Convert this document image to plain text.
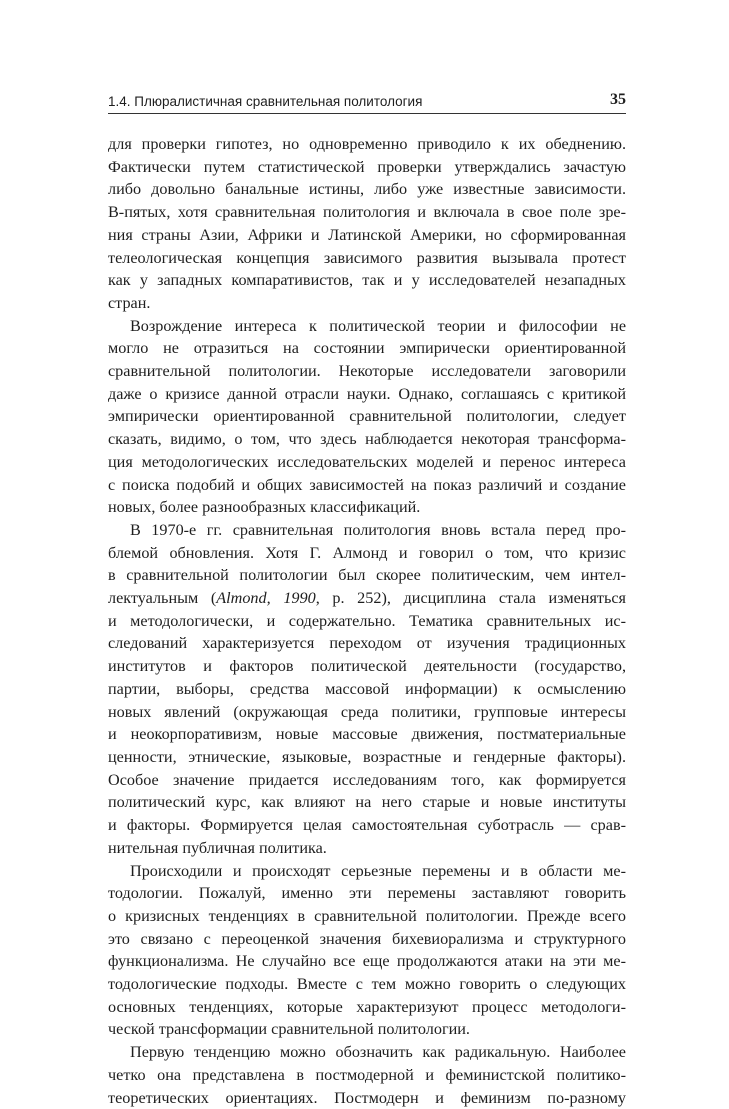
1.4. Плюралистичная сравнительная политология	35

для проверки гипотез, но одновременно приводило к их обеднению.
Фактически путем статистической проверки утверждались зачастую
либо довольно банальные истины, либо уже известные зависимости.
В-пятых, хотя сравнительная политология и включала в свое поле зре-
ния страны Азии, Африки и Латинской Америки, но сформированная
телеологическая концепция зависимого развития вызывала протест
как у западных компаративистов, так и у исследователей незападных
стран.

Возрождение интереса к политической теории и философии не
могло не отразиться на состоянии эмпирически ориентированной
сравнительной политологии. Некоторые исследователи заговорили
даже о кризисе данной отрасли науки. Однако, соглашаясь с критикой
эмпирически ориентированной сравнительной политологии, следует
сказать, видимо, о том, что здесь наблюдается некоторая трансформа-
ция методологических исследовательских моделей и перенос интереса
с поиска подобий и общих зависимостей на показ различий и создание
новых, более разнообразных классификаций.

В 1970-е гг. сравнительная политология вновь встала перед про-
блемой обновления. Хотя Г. Алмонд и говорил о том, что кризис
в сравнительной политологии был скорее политическим, чем интел-
лектуальным (Almond, 1990, p. 252), дисциплина стала изменяться
и методологически, и содержательно. Тематика сравнительных ис-
следований характеризуется переходом от изучения традиционных
институтов и факторов политической деятельности (государство,
партии, выборы, средства массовой информации) к осмыслению
новых явлений (окружающая среда политики, групповые интересы
и неокорпоративизм, новые массовые движения, постматериальные
ценности, этнические, языковые, возрастные и гендерные факторы).
Особое значение придается исследованиям того, как формируется
политический курс, как влияют на него старые и новые институты
и факторы. Формируется целая самостоятельная суботрасль — срав-
нительная публичная политика.

Происходили и происходят серьезные перемены и в области ме-
тодологии. Пожалуй, именно эти перемены заставляют говорить
о кризисных тенденциях в сравнительной политологии. Прежде всего
это связано с переоценкой значения бихевиорализма и структурного
функционализма. Не случайно все еще продолжаются атаки на эти ме-
тодологические подходы. Вместе с тем можно говорить о следующих
основных тенденциях, которые характеризуют процесс методологи-
ческой трансформации сравнительной политологии.

Первую тенденцию можно обозначить как радикальную. Наиболее
четко она представлена в постмодерной и феминистской политико-
теоретических ориентациях. Постмодерн и феминизм по-разному
